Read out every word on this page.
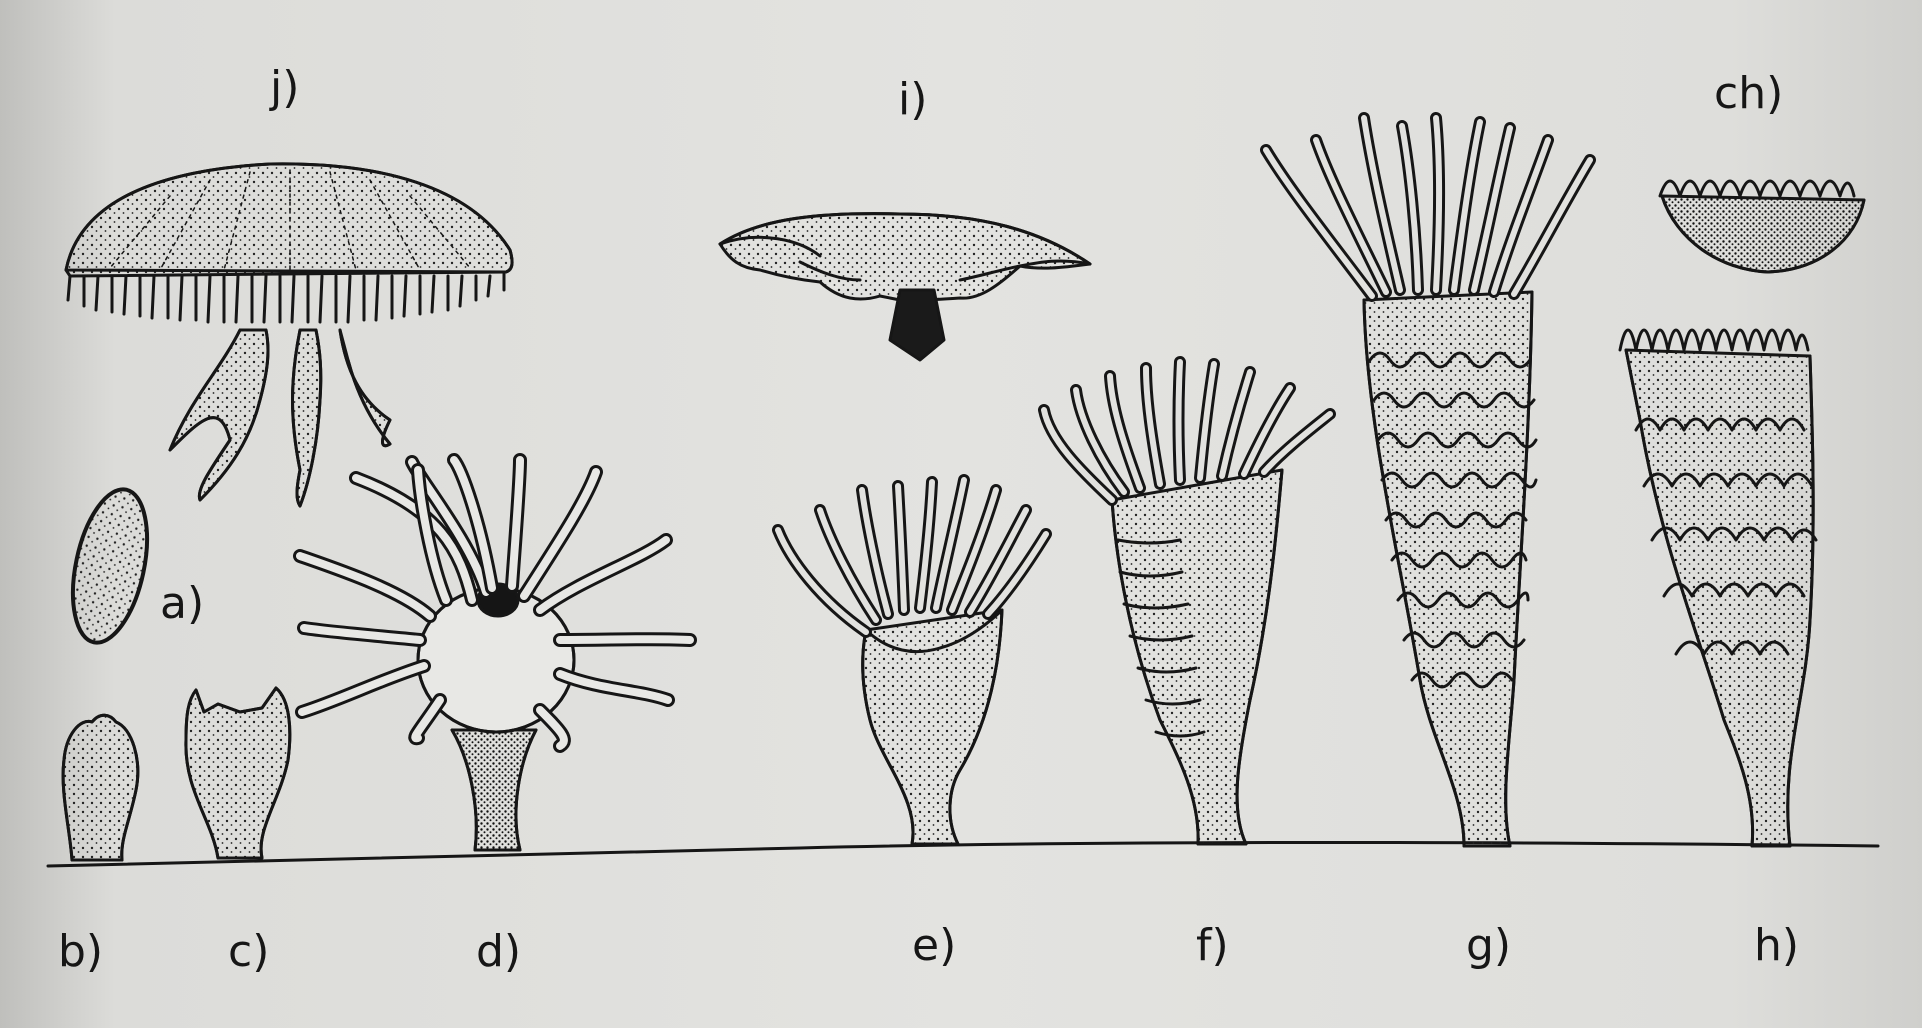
j)	i)	ch)
a)
b)	c)	d)	e)	f)	g)	h)
